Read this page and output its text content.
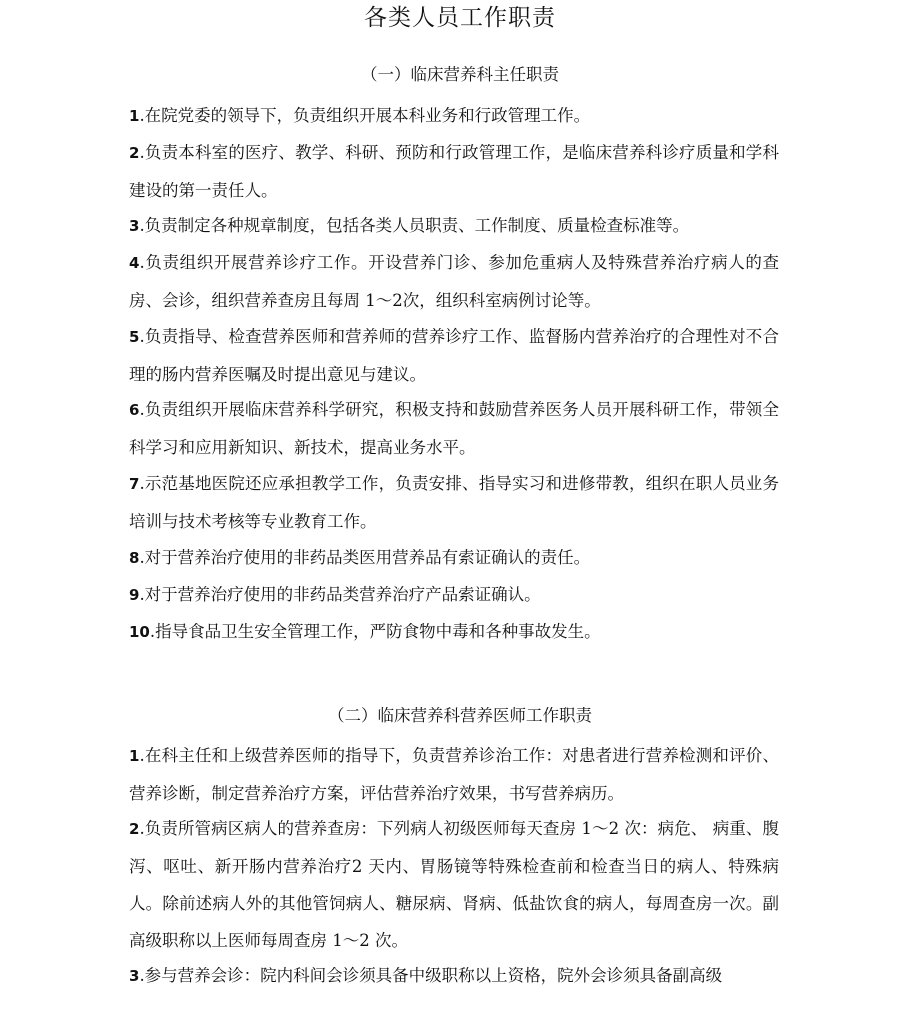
各类人员工作职责
（一）临床营养科主任职责

1.在院党委的领导下，负责组织开展本科业务和行政管理工作。

2.负责本科室的医疗、教学、科研、预防和行政管理工作，是临床营养科诊疗质量和学科建设的第一责任人。

3.负责制定各种规章制度，包括各类人员职责、工作制度、质量检查标准等。

4.负责组织开展营养诊疗工作。开设营养门诊、参加危重病人及特殊营养治疗病人的查房、会诊，组织营养查房且每周 1〜2次，组织科室病例讨论等。

5.负责指导、检查营养医师和营养师的营养诊疗工作、监督肠内营养治疗的合理性对不合理的肠内营养医嘱及时提出意见与建议。

6.负责组织开展临床营养科学研究，积极支持和鼓励营养医务人员开展科研工作，带领全科学习和应用新知识、新技术，提高业务水平。

7.示范基地医院还应承担教学工作，负责安排、指导实习和进修带教，组织在职人员业务培训与技术考核等专业教育工作。

8.对于营养治疗使用的非药品类医用营养品有索证确认的责任。

9.对于营养治疗使用的非药品类营养治疗产品索证确认。

10.指导食品卫生安全管理工作，严防食物中毒和各种事故发生。

（二）临床营养科营养医师工作职责

1.在科主任和上级营养医师的指导下，负责营养诊治工作：对患者进行营养检测和评价、营养诊断，制定营养治疗方案，评估营养治疗效果，书写营养病历。

2.负责所管病区病人的营养查房：下列病人初级医师每天查房 1〜2 次：病危、 病重、腹泻、呕吐、新开肠内营养治疗2 天内、胃肠镜等特殊检查前和检查当日的病人、特殊病人。除前述病人外的其他管饲病人、糖尿病、肾病、低盐饮食的病人，每周查房一次。副高级职称以上医师每周查房 1〜2 次。

3.参与营养会诊：院内科间会诊须具备中级职称以上资格，院外会诊须具备副高级
